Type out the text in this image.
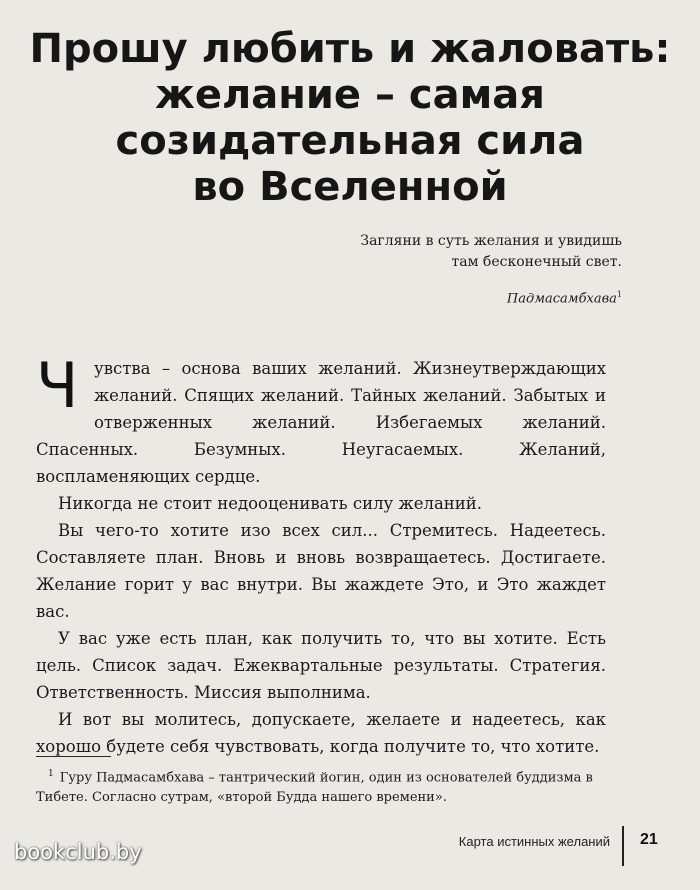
Прошу любить и жаловать:
желание – самая
созидательная сила
во Вселенной
Загляни в суть желания и увидишь
там бесконечный свет.
Падмасамбхава$^1$

Чувства – основа ваших желаний. Жизнеутверждающих желаний. Спящих желаний. Тайных желаний. Забытых и отверженных желаний. Избегаемых желаний. Спасенных. Безумных. Неугасаемых. Желаний, воспламеняющих сердце.

Никогда не стоит недооценивать силу желаний.

Вы чего-то хотите изо всех сил... Стремитесь. Надеетесь. Составляете план. Вновь и вновь возвращаетесь. Достигаете. Желание горит у вас внутри. Вы жаждете Это, и Это жаждет вас.

У вас уже есть план, как получить то, что вы хотите. Есть цель. Список задач. Ежеквартальные результаты. Стратегия. Ответственность. Миссия выполнима.

И вот вы молитесь, допускаете, желаете и надеетесь, как хорошо будете себя чувствовать, когда получите то, что хотите.

$^1$ Гуру Падмасамбхава – тантрический йогин, один из основателей буддизма в Тибете. Согласно сутрам, «второй Будда нашего времени».
Карта истинных желаний 21
bookclub.by
